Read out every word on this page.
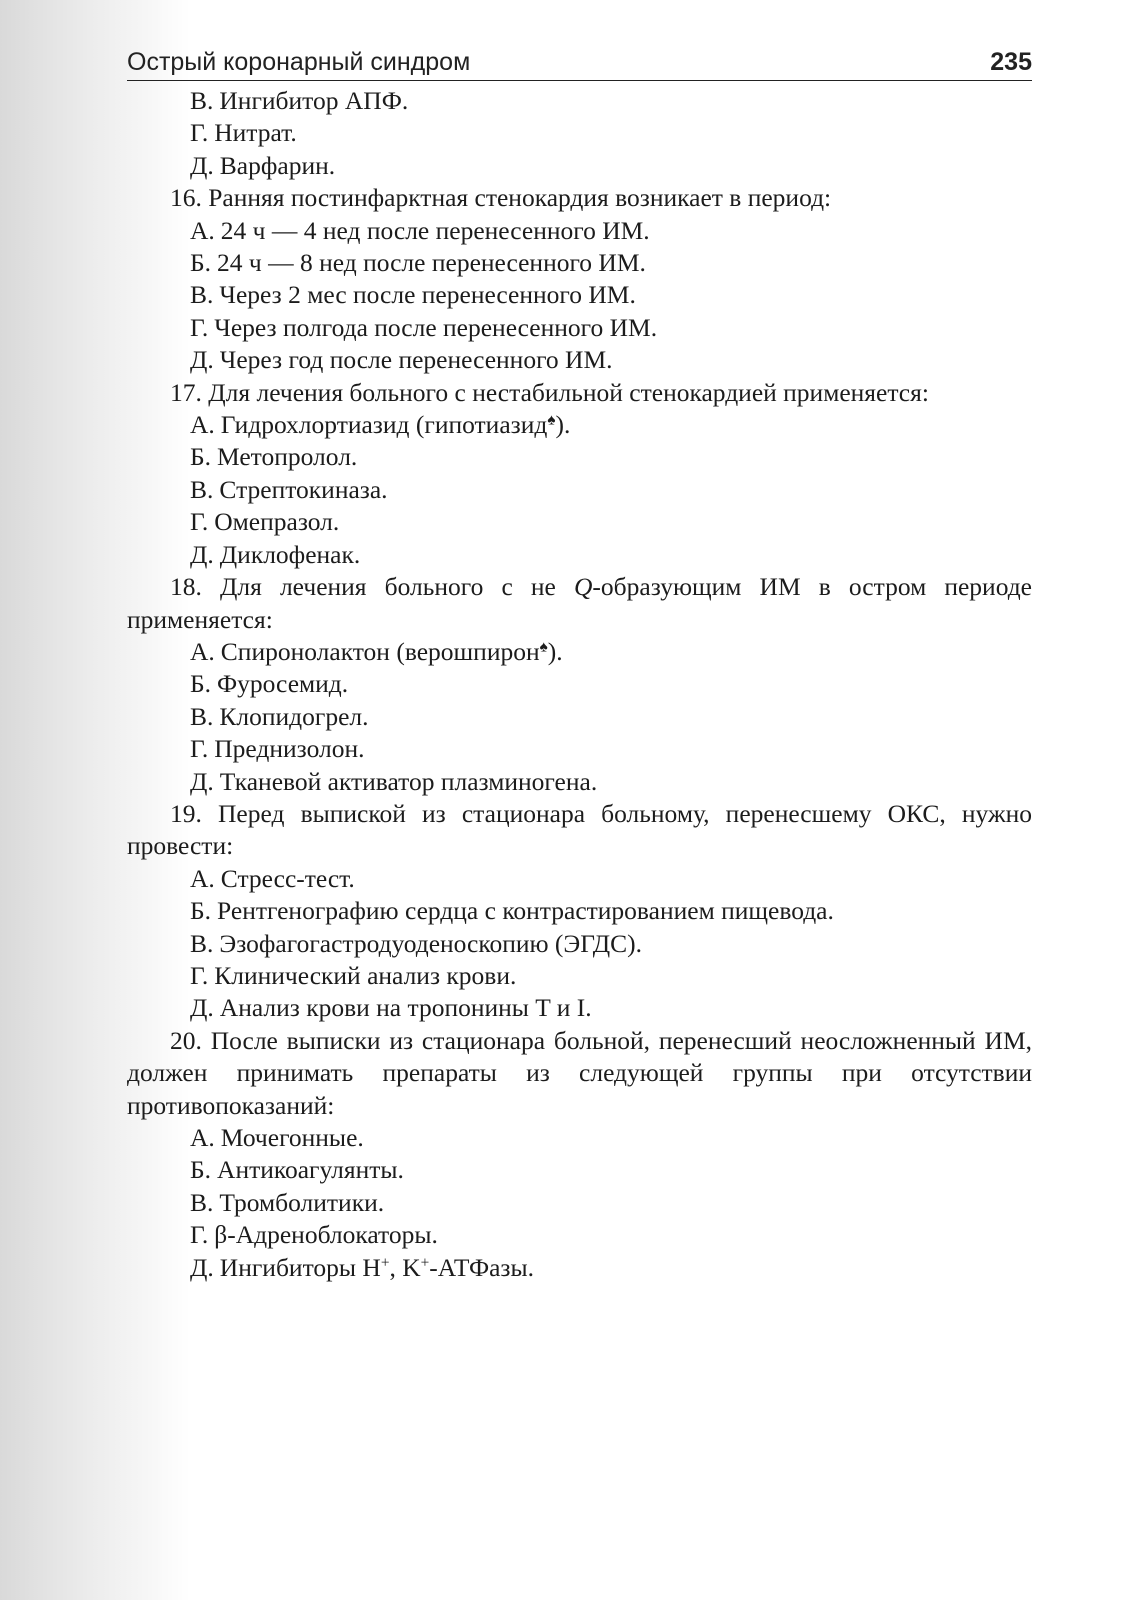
Острый коронарный синдром	235
В. Ингибитор АПФ.
Г. Нитрат.
Д. Варфарин.

16. Ранняя постинфарктная стенокардия возникает в период:

А. 24 ч — 4 нед после перенесенного ИМ.
Б. 24 ч — 8 нед после перенесенного ИМ.
В. Через 2 мес после перенесенного ИМ.
Г. Через полгода после перенесенного ИМ.
Д. Через год после перенесенного ИМ.

17. Для лечения больного с нестабильной стенокардией применяется:

А. Гидрохлортиазид (гипотиазид♠).
Б. Метопролол.
В. Стрептокиназа.
Г. Омепразол.
Д. Диклофенак.

18. Для лечения больного с не Q-образующим ИМ в остром периоде применяется:

А. Спиронолактон (верошпирон♠).
Б. Фуросемид.
В. Клопидогрел.
Г. Преднизолон.
Д. Тканевой активатор плазминогена.

19. Перед выпиской из стационара больному, перенесшему ОКС, нужно провести:

А. Стресс-тест.
Б. Рентгенографию сердца с контрастированием пищевода.
В. Эзофагогастродуоденоскопию (ЭГДС).
Г. Клинический анализ крови.
Д. Анализ крови на тропонины T и I.

20. После выписки из стационара больной, перенесший неосложненный ИМ, должен принимать препараты из следующей группы при отсутствии противопоказаний:

А. Мочегонные.
Б. Антикоагулянты.
В. Тромболитики.
Г. β-Адреноблокаторы.
Д. Ингибиторы H+, K+-АТФазы.
